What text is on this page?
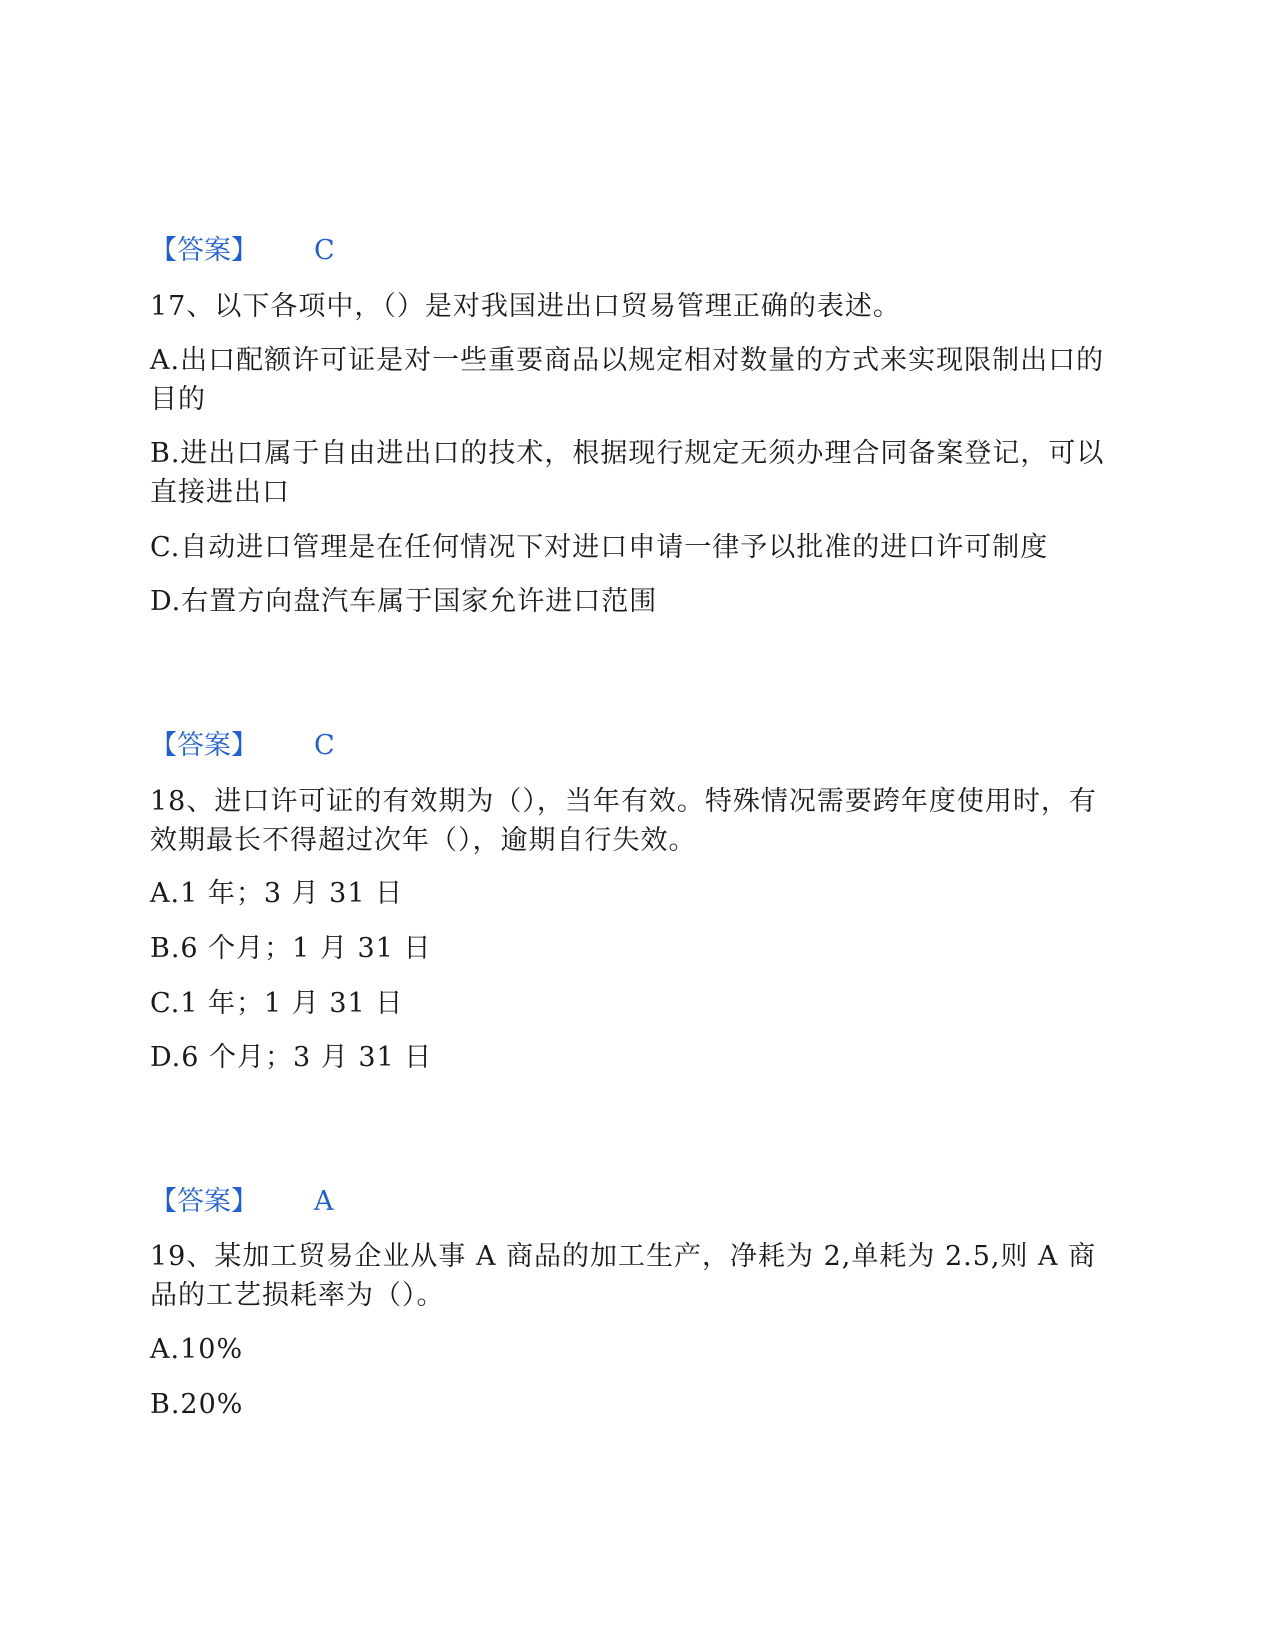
【答案】 C

17、以下各项中，（）是对我国进出口贸易管理正确的表述。

A.出口配额许可证是对一些重要商品以规定相对数量的方式来实现限制出口的目的

B.进出口属于自由进出口的技术，根据现行规定无须办理合同备案登记，可以直接进出口

C.自动进口管理是在任何情况下对进口申请一律予以批准的进口许可制度

D.右置方向盘汽车属于国家允许进口范围

【答案】 C

18、进口许可证的有效期为（），当年有效。特殊情况需要跨年度使用时，有效期最长不得超过次年（），逾期自行失效。

A.1 年；3 月 31 日

B.6 个月；1 月 31 日

C.1 年；1 月 31 日

D.6 个月；3 月 31 日

【答案】 A

19、某加工贸易企业从事 A 商品的加工生产，净耗为 2,单耗为 2.5,则 A 商品的工艺损耗率为（）。

A.10%

B.20%
